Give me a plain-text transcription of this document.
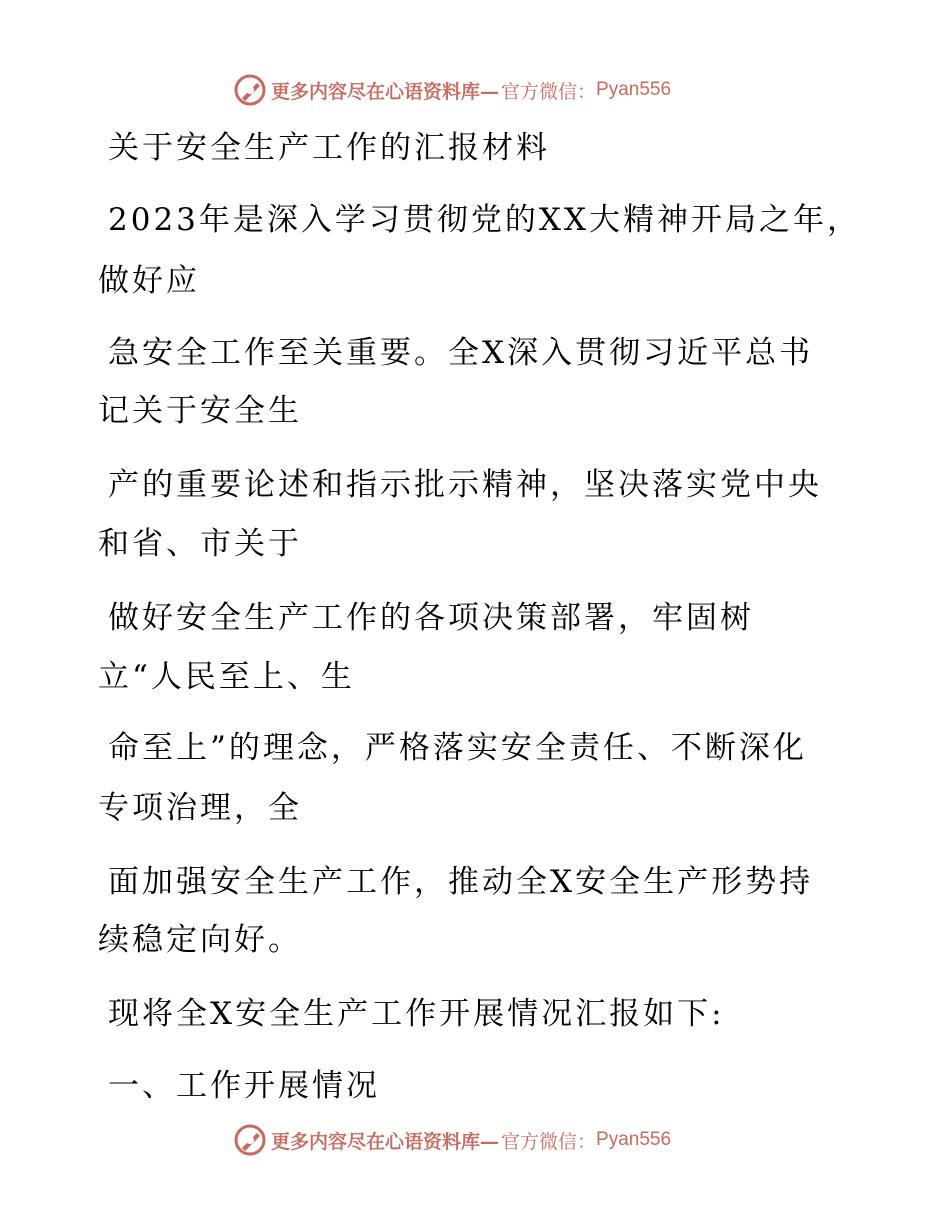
更多内容尽在心语资料库— 官方微信： Pyan556
关于安全生产工作的汇报材料
2023年是深入学习贯彻党的XX大精神开局之年，
做好应
急安全工作至关重要。全X深入贯彻习近平总书
记关于安全生
产的重要论述和指示批示精神，坚决落实党中央
和省、市关于
做好安全生产工作的各项决策部署，牢固树
立“人民至上、生
命至上”的理念，严格落实安全责任、不断深化
专项治理，全
面加强安全生产工作，推动全X安全生产形势持
续稳定向好。
现将全X安全生产工作开展情况汇报如下:
一、工作开展情况
更多内容尽在心语资料库— 官方微信： Pyan556
